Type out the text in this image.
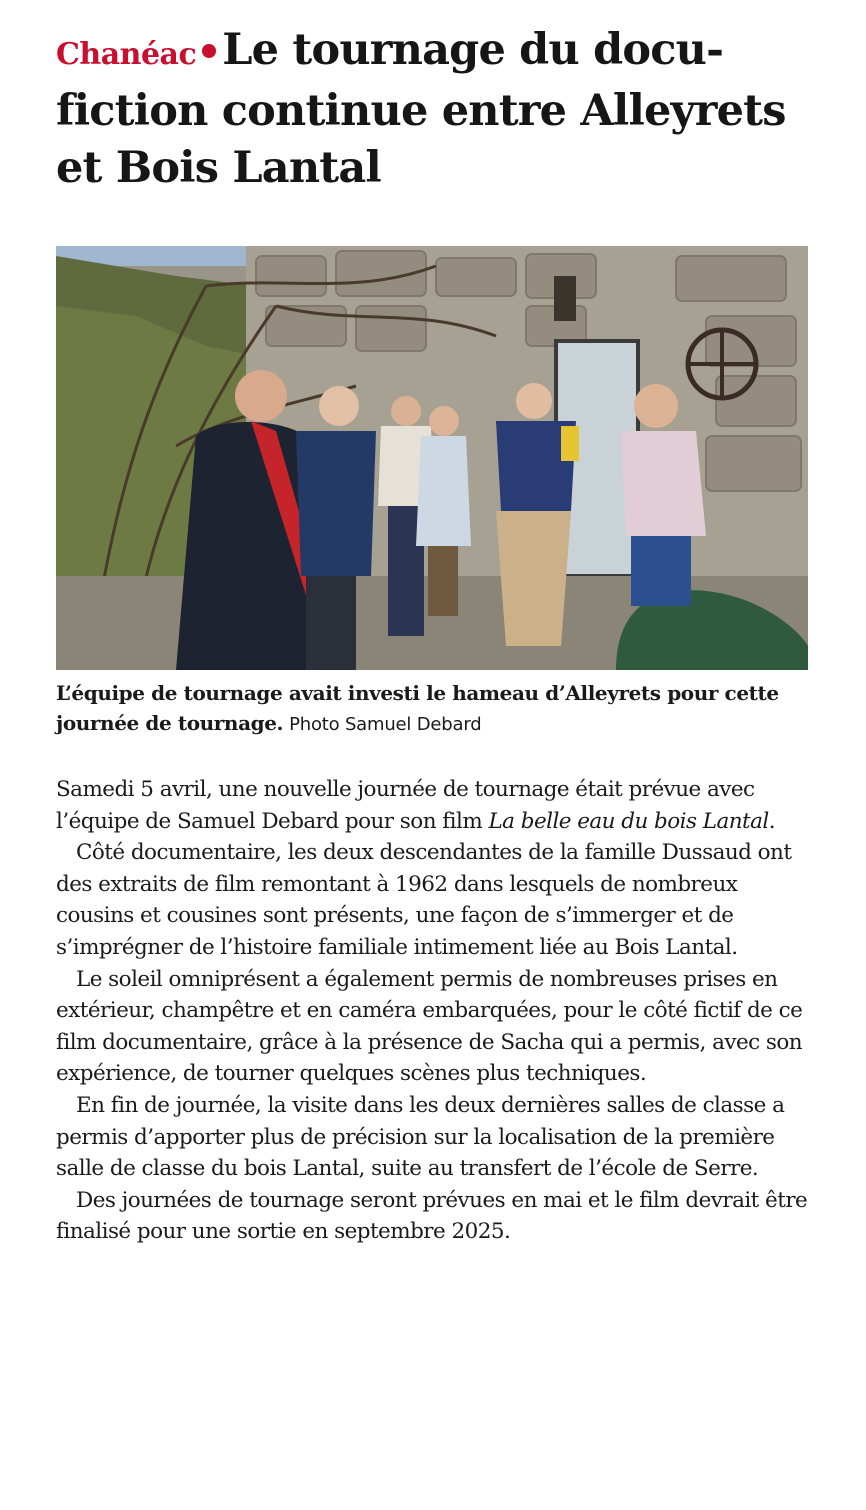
Chanéac Le tournage du docu-fiction continue entre Alleyrets et Bois Lantal
L’équipe de tournage avait investi le hameau d’Alleyrets pour cette journée de tournage. Photo Samuel Debard

Samedi 5 avril, une nouvelle journée de tournage était prévue avec l’équipe de Samuel Debard pour son film La belle eau du bois Lantal.

Côté documentaire, les deux descendantes de la famille Dussaud ont des extraits de film remontant à 1962 dans lesquels de nombreux cousins et cousines sont présents, une façon de s’immerger et de s’imprégner de l’histoire familiale intimement liée au Bois Lantal.

Le soleil omniprésent a également permis de nombreuses prises en extérieur, champêtre et en caméra embarquées, pour le côté fictif de ce film documentaire, grâce à la présence de Sacha qui a permis, avec son expérience, de tourner quelques scènes plus techniques.

En fin de journée, la visite dans les deux dernières salles de classe a permis d’apporter plus de précision sur la localisation de la première salle de classe du bois Lantal, suite au transfert de l’école de Serre.

Des journées de tournage seront prévues en mai et le film devrait être finalisé pour une sortie en septembre 2025.
